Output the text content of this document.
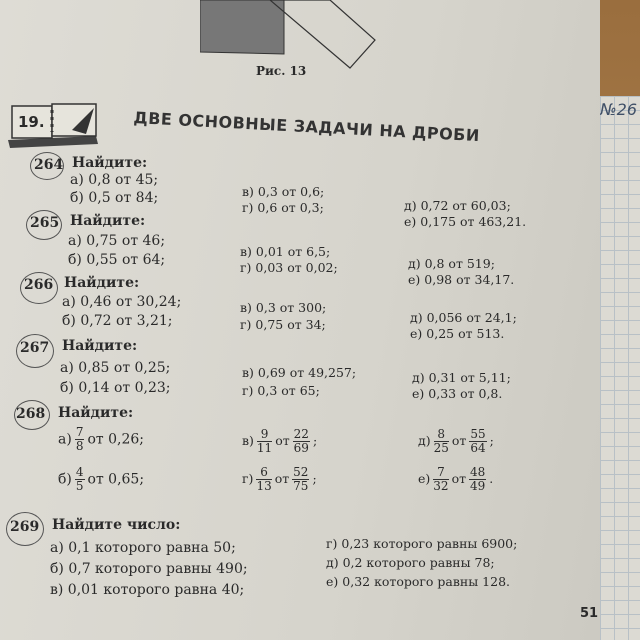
№26
Рис. 13
19.	ДВЕ ОСНОВНЫЕ ЗАДАЧИ НА ДРОБИ
264 Найдите:
а) 0,8 от 45;
б) 0,5 от 84;	в) 0,3 от 0,6;
г) 0,6 от 0,3;	д) 0,72 от 60,03;
е) 0,175 от 463,21.
265 Найдите:
а) 0,75 от 46;
б) 0,55 от 64;
в) 0,01 от 6,5;
г) 0,03 от 0,02;	д) 0,8 от 519;
е) 0,98 от 34,17.
266 Найдите:
а) 0,46 от 30,24;
б) 0,72 от 3,21;
в) 0,3 от 300;
г) 0,75 от 34;	д) 0,056 от 24,1;
е) 0,25 от 513.
267 Найдите:
а) 0,85 от 0,25;
б) 0,14 от 0,23;
в) 0,69 от 49,257;
г) 0,3 от 65;
д) 0,31 от 5,11;
е) 0,33 от 0,8.
268 Найдите:
$а) \frac{7}{8}$ от 0,26;
$б) \frac{4}{5}$ от 0,65;
$в) \frac{9}{11}$ от $\frac{22}{69}$ ;
$г) \frac{6}{13}$ от $\frac{52}{75}$ ;
$д) \frac{8}{25}$ от $\frac{55}{64}$ ;
$е) \frac{7}{32}$ от $\frac{48}{49}$ .
269 Найдите число:
а) 0,1 которого равна 50;
б) 0,7 которого равны 490;
в) 0,01 которого равна 40;
г) 0,23 которого равны 6900;
д) 0,2 которого равны 78;
е) 0,32 которого равны 128.
51
